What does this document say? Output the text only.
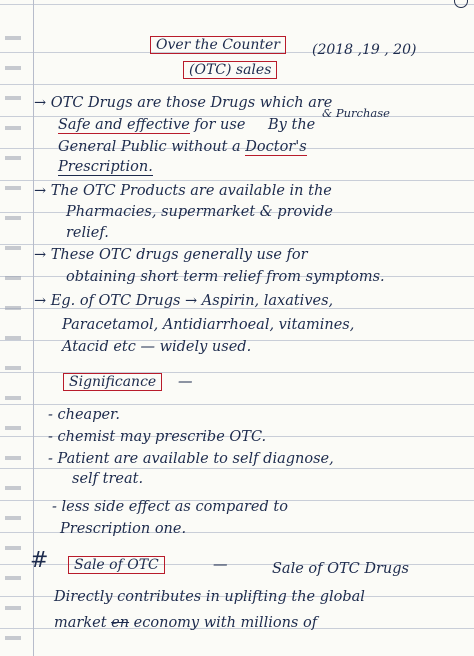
Over the Counter

(OTC) sales

(2018 ,19 , 20)

→ OTC Drugs are those Drugs which are

& Purchase

Safe and effective for use By the

General Public without a Doctor's

Prescription.

→ The OTC Products are available in the

Pharmacies, supermarket & provide

relief.

→ These OTC drugs generally use for

obtaining short term relief from symptoms.

→ Eg. of OTC Drugs → Aspirin, laxatives,

Paracetamol, Antidiarrhoeal, vitamines,

Atacid etc — widely used.

Significance	—

- cheaper.

- chemist may prescribe OTC.

- Patient are available to self diagnose,

self treat.

- less side effect as compared to

Prescription one.

#	Sale of OTC	—	Sale of OTC Drugs

Directly contributes in uplifting the global

market en economy with millions of
